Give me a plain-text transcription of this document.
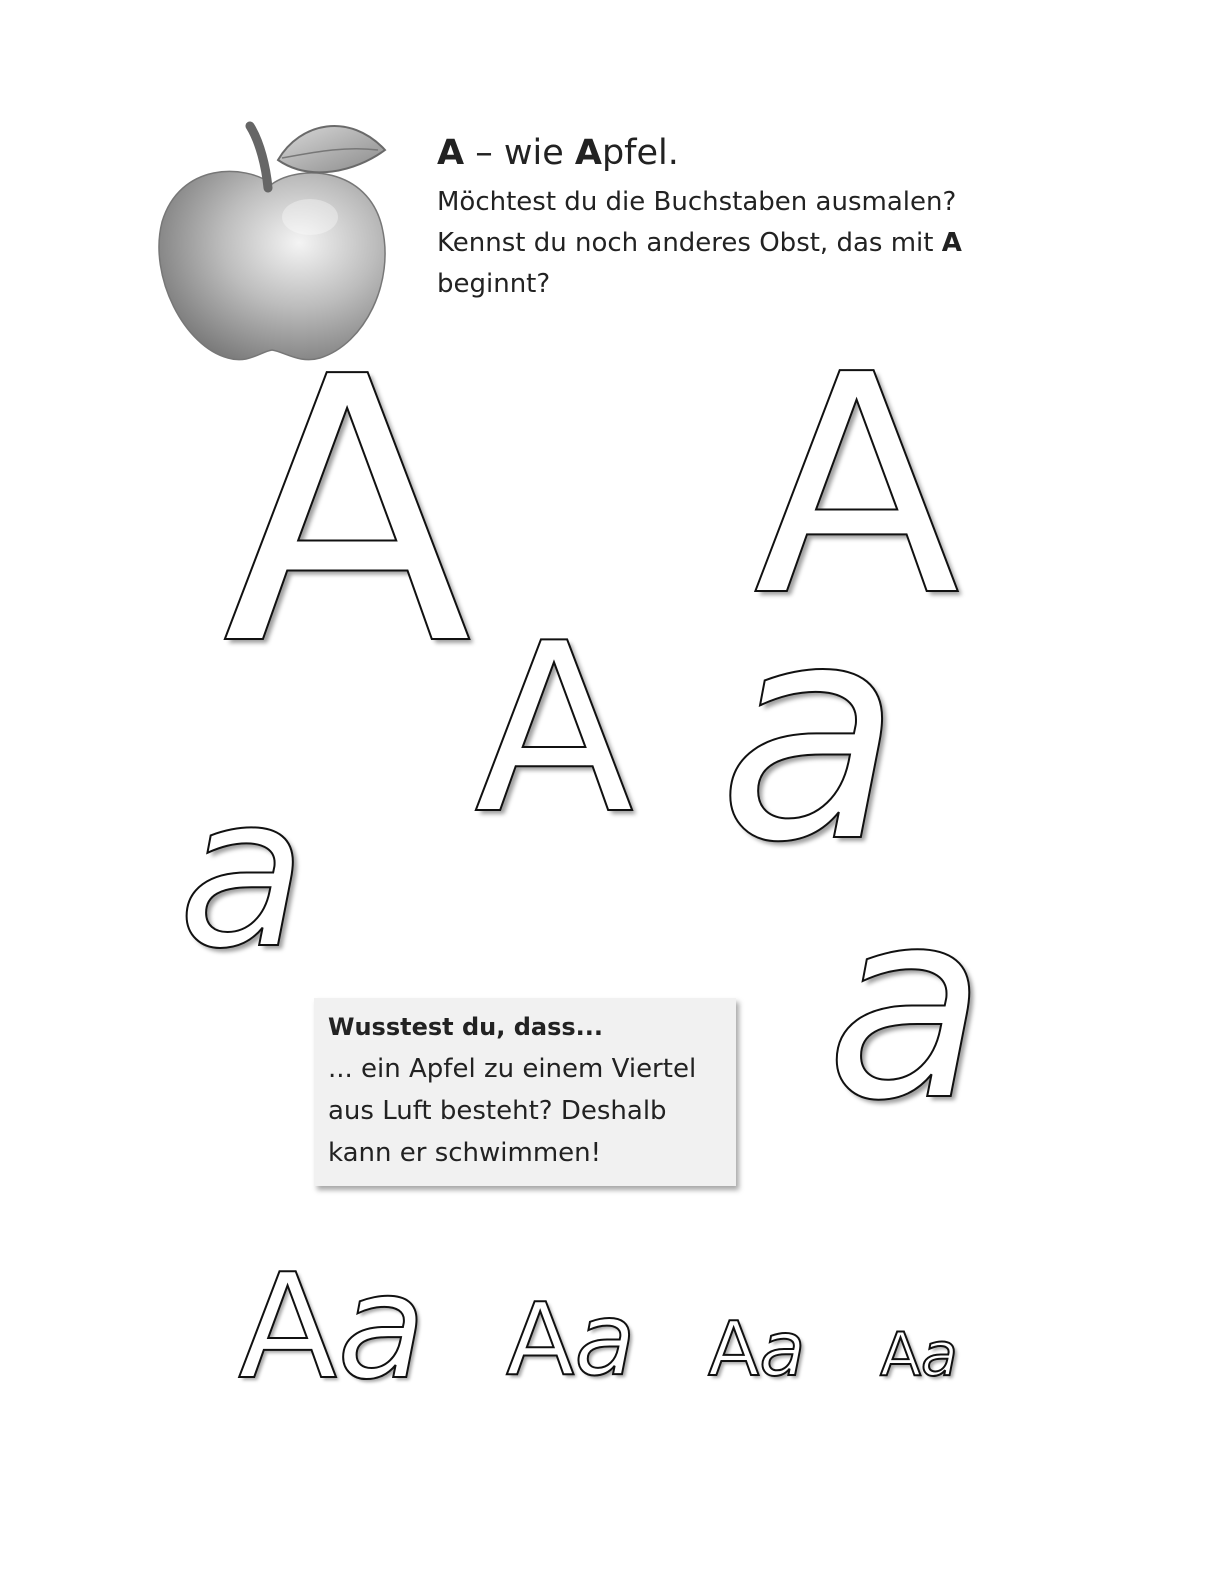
A – wie Apfel.

Möchtest du die Buchstaben ausmalen?
Kennst du noch anderes Obst, das mit A
beginnt?

A A

A a

a a

Wusstest du, dass...

... ein Apfel zu einem Viertel
aus Luft besteht? Deshalb
kann er schwimmen!

Aa Aa Aa Aa
